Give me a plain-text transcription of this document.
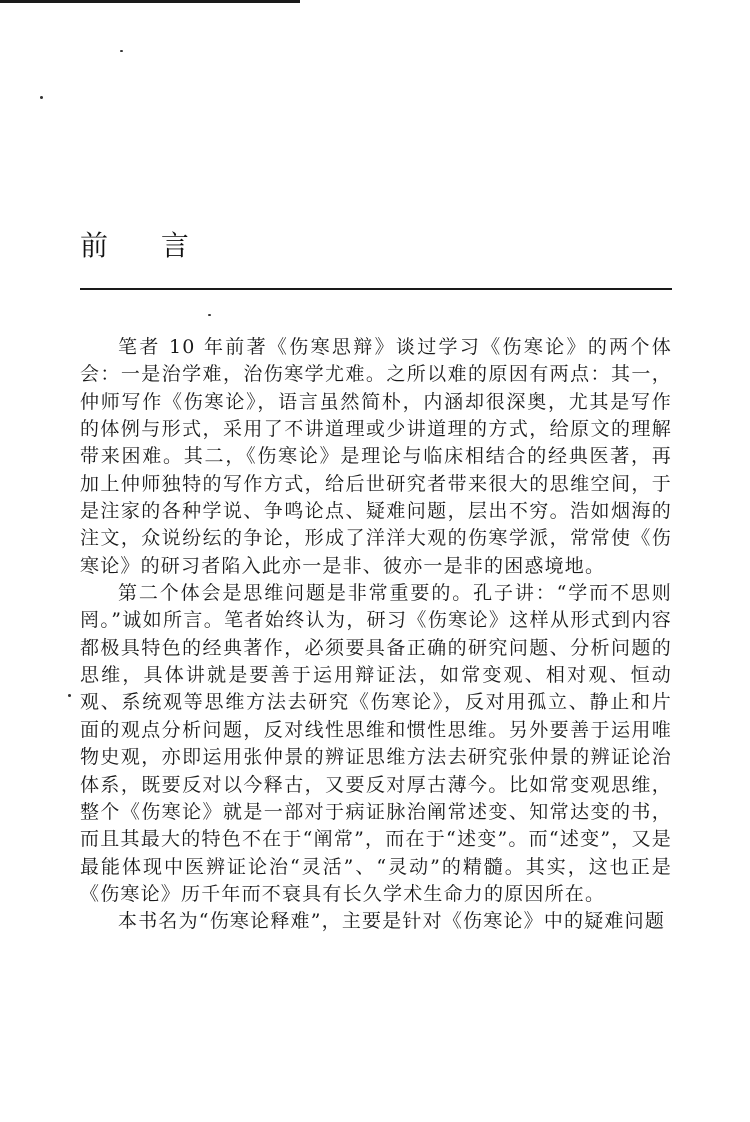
前 言

笔者 10 年前著《伤寒思辩》谈过学习《伤寒论》的两个体会：一是治学难，治伤寒学尤难。之所以难的原因有两点：其一，仲师写作《伤寒论》，语言虽然简朴，内涵却很深奥，尤其是写作的体例与形式，采用了不讲道理或少讲道理的方式，给原文的理解带来困难。其二，《伤寒论》是理论与临床相结合的经典医著，再加上仲师独特的写作方式，给后世研究者带来很大的思维空间，于是注家的各种学说、争鸣论点、疑难问题，层出不穷。浩如烟海的注文，众说纷纭的争论，形成了洋洋大观的伤寒学派，常常使《伤寒论》的研习者陷入此亦一是非、彼亦一是非的困惑境地。

第二个体会是思维问题是非常重要的。孔子讲：“学而不思则罔。”诚如所言。笔者始终认为，研习《伤寒论》这样从形式到内容都极具特色的经典著作，必须要具备正确的研究问题、分析问题的思维，具体讲就是要善于运用辩证法，如常变观、相对观、恒动观、系统观等思维方法去研究《伤寒论》，反对用孤立、静止和片面的观点分析问题，反对线性思维和惯性思维。另外要善于运用唯物史观，亦即运用张仲景的辨证思维方法去研究张仲景的辨证论治体系，既要反对以今释古，又要反对厚古薄今。比如常变观思维，整个《伤寒论》就是一部对于病证脉治阐常述变、知常达变的书，而且其最大的特色不在于“阐常”，而在于“述变”。而“述变”，又是最能体现中医辨证论治“灵活”、“灵动”的精髓。其实，这也正是《伤寒论》历千年而不衰具有长久学术生命力的原因所在。

本书名为“伤寒论释难”，主要是针对《伤寒论》中的疑难问题
